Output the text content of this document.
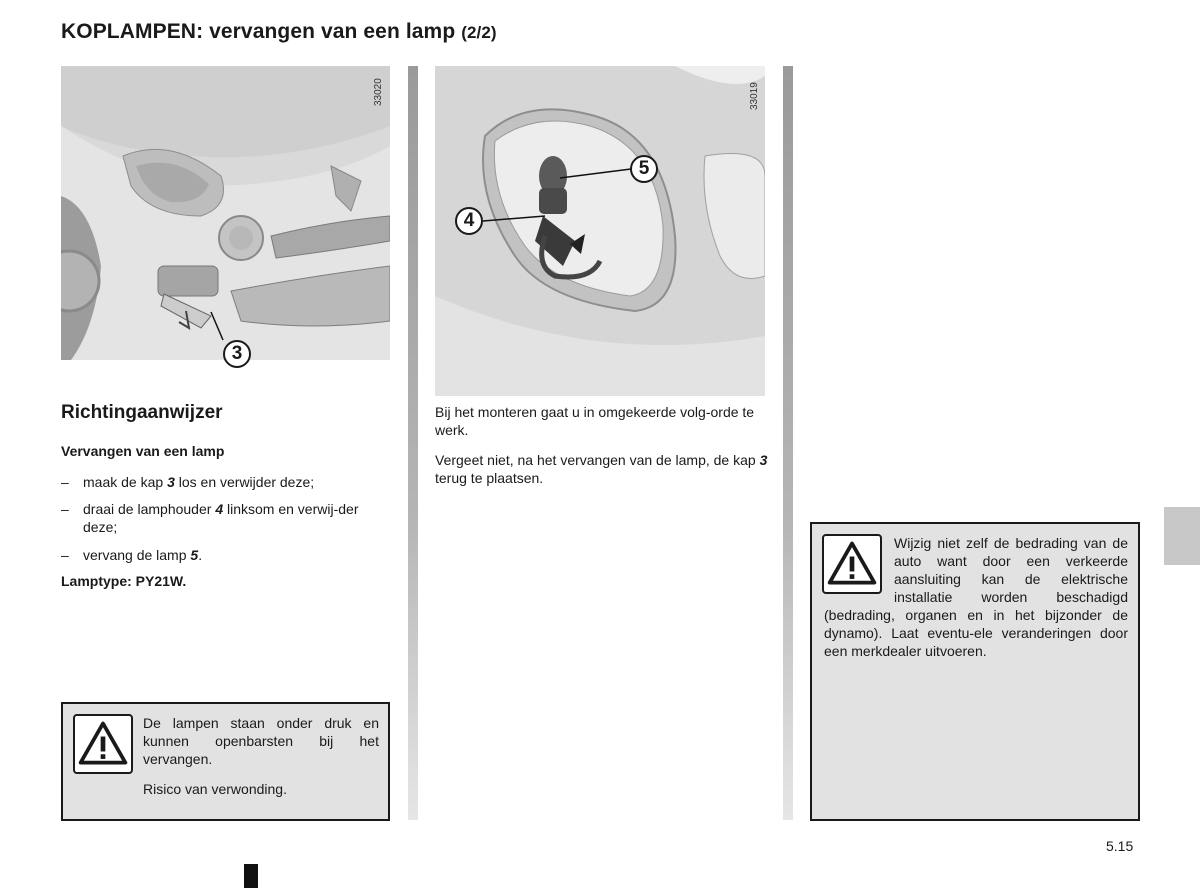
KOPLAMPEN: vervangen van een lamp (2/2)
33020
3
33019
5
4
Richtingaanwijzer
Vervangen van een lamp
– maak de kap 3 los en verwijder deze;
– draai de lamphouder 4 linksom en verwij-der deze;
– vervang de lamp 5.
Lamptype: PY21W.
De lampen staan onder druk en kunnen openbarsten bij het vervangen.
Risico van verwonding.
Bij het monteren gaat u in omgekeerde volg-orde te werk.
Vergeet niet, na het vervangen van de lamp, de kap 3 terug te plaatsen.
Wijzig niet zelf de bedrading van de auto want door een verkeerde aansluiting kan de elektrische installatie worden beschadigd (bedrading, organen en in het bijzonder de dynamo). Laat eventu-ele veranderingen door een merkdealer uitvoeren.
5.15
